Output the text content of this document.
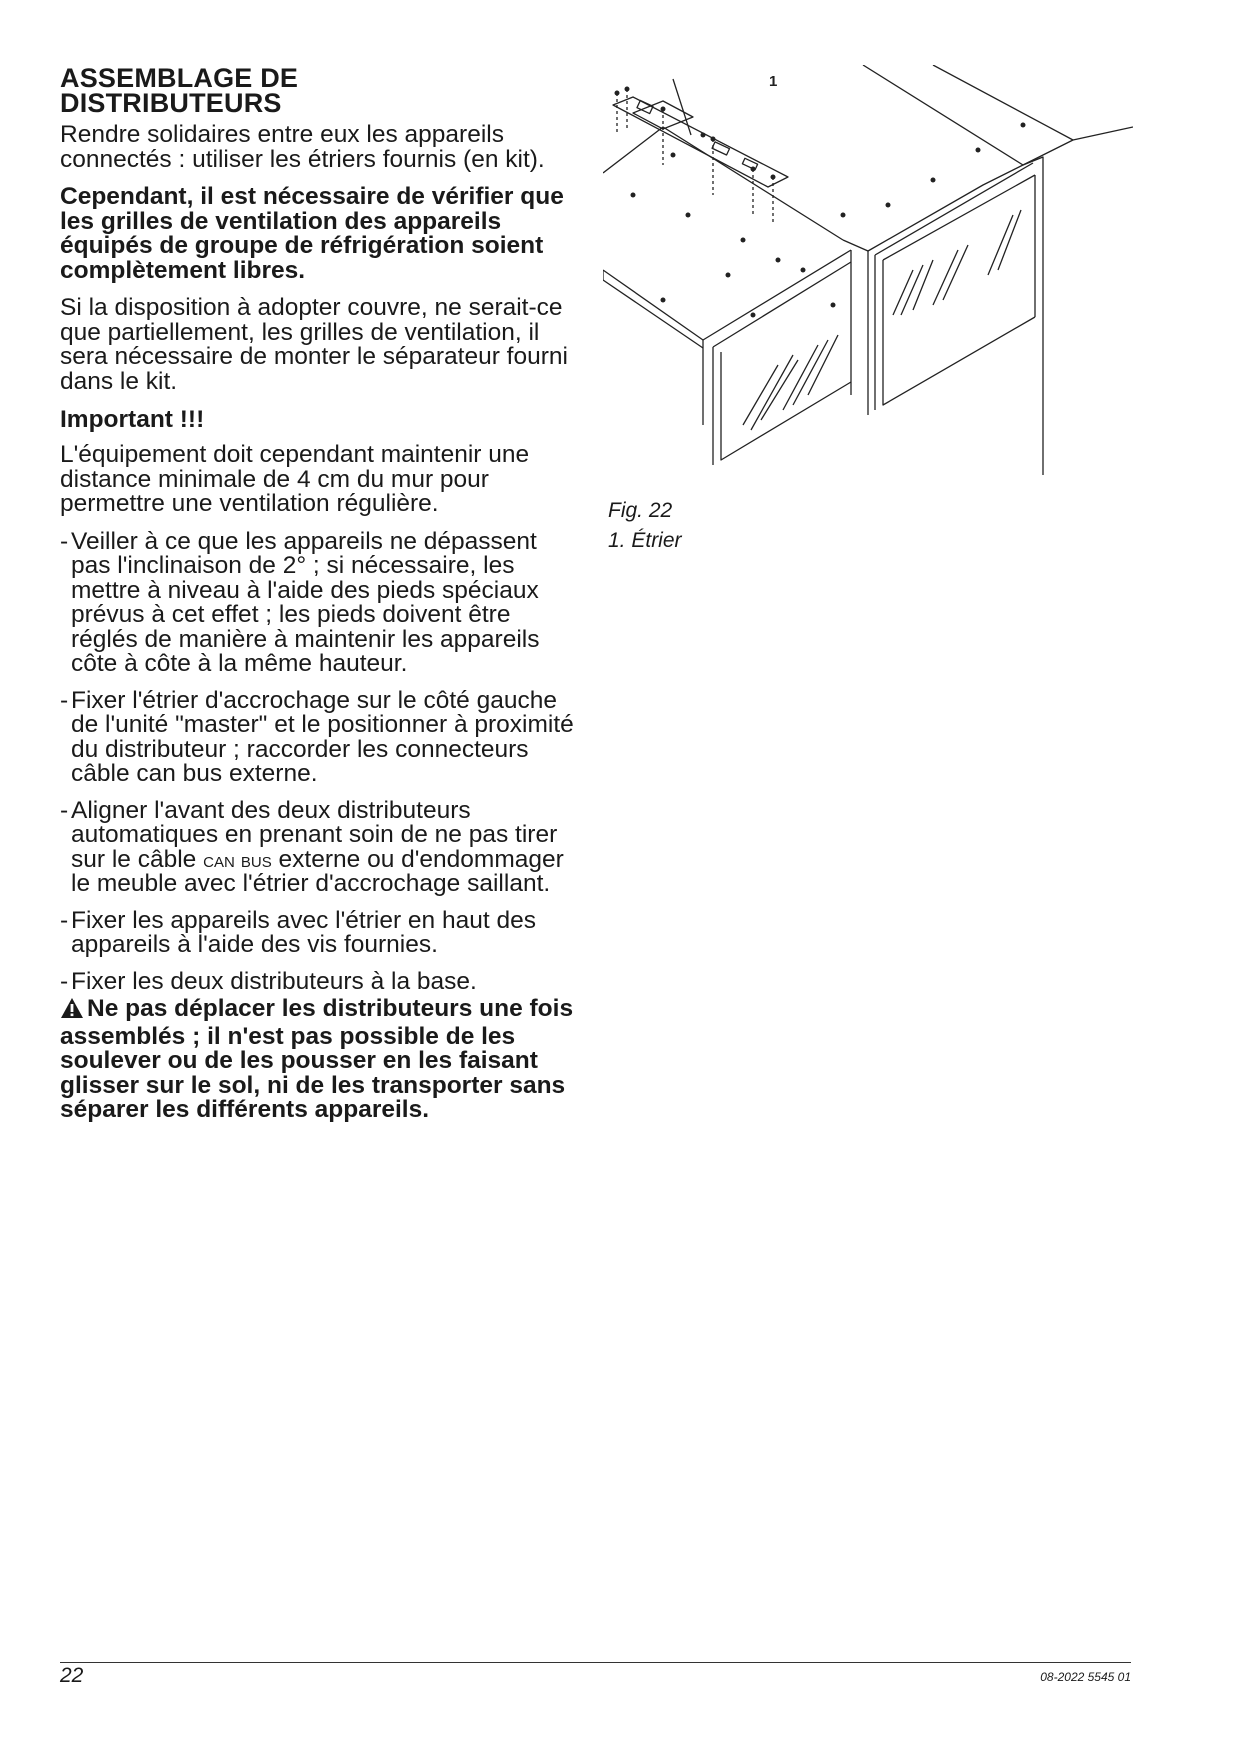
ASSEMBLAGE DE
DISTRIBUTEURS

Rendre solidaires entre eux les appareils connectés : utiliser les étriers fournis (en kit).

Cependant, il est nécessaire de vérifier que les grilles de ventilation des appareils équipés de groupe de réfrigération soient complètement libres.

Si la disposition à adopter couvre, ne serait-ce que partiellement, les grilles de ventilation, il sera nécessaire de monter le séparateur fourni dans le kit.

Important !!!

L'équipement doit cependant maintenir une distance minimale de 4 cm du mur pour permettre une ventilation régulière.

- Veiller à ce que les appareils ne dépassent pas l'inclinaison de 2° ; si nécessaire, les mettre à niveau à l'aide des pieds spéciaux prévus à cet effet ; les pieds doivent être réglés de manière à maintenir les appareils côte à côte à la même hauteur.

- Fixer l'étrier d'accrochage sur le côté gauche de l'unité "master" et le positionner à proximité du distributeur ; raccorder les connecteurs câble can bus externe.

- Aligner l'avant des deux distributeurs automatiques en prenant soin de ne pas tirer sur le câble can bus externe ou d'endommager le meuble avec l'étrier d'accrochage saillant.

- Fixer les appareils avec l'étrier en haut des appareils à l'aide des vis fournies.

- Fixer les deux distributeurs à la base.

Ne pas déplacer les distributeurs une fois assemblés ; il n'est pas possible de les soulever ou de les pousser en les faisant glisser sur le sol, ni de les transporter sans séparer les différents appareils.

1
Fig. 22
1. Étrier
22	08-2022 5545 01
